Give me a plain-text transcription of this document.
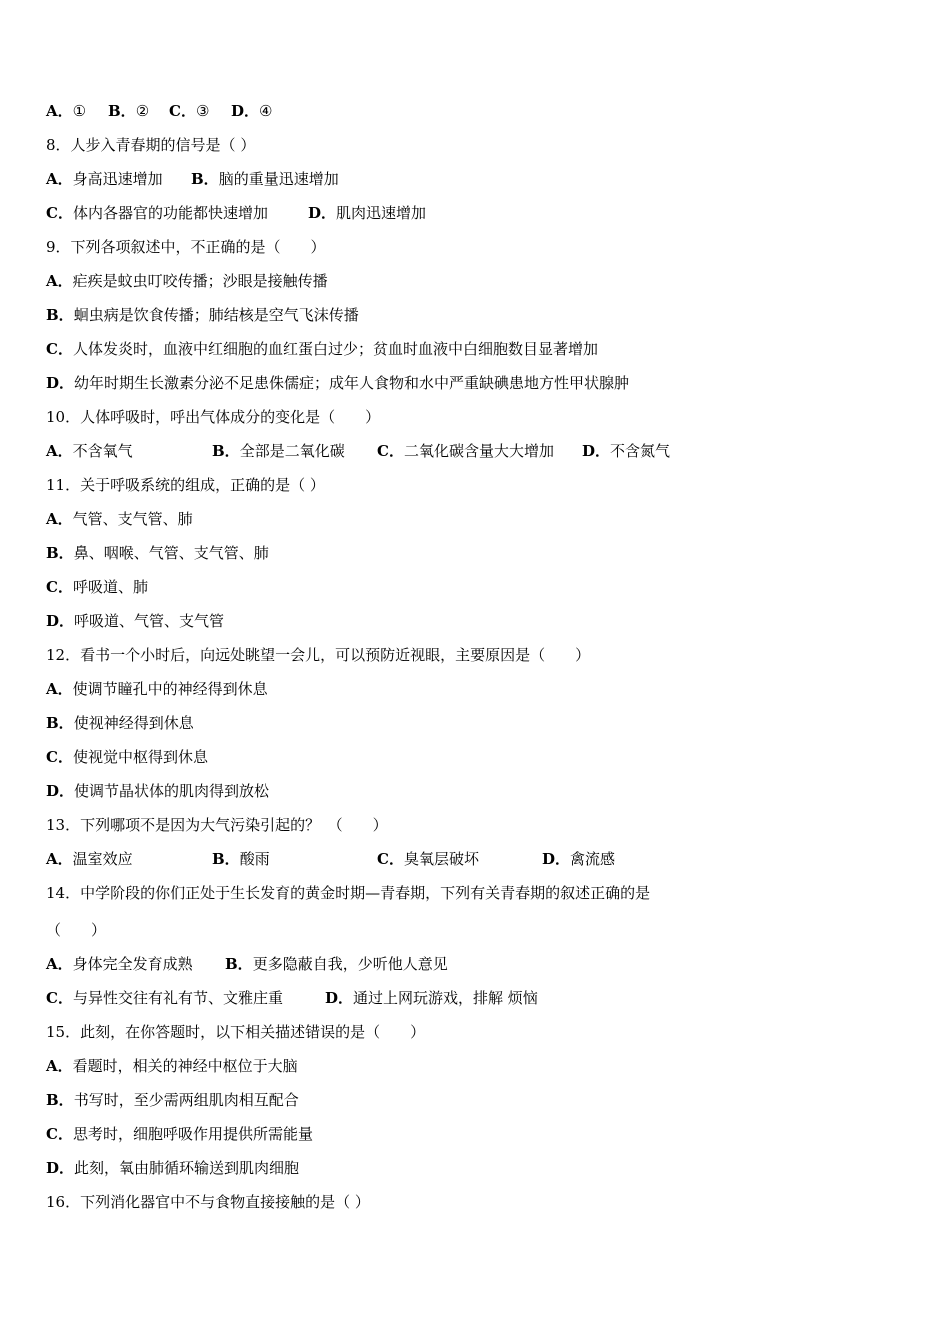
A．① B．② C．③ D．④
8．人步入青春期的信号是（ ）
A．身高迅速增加 B．脑的重量迅速增加
C．体内各器官的功能都快速增加	D．肌肉迅速增加
9．下列各项叙述中，不正确的是（　　）
A．疟疾是蚊虫叮咬传播；沙眼是接触传播
B．蛔虫病是饮食传播；肺结核是空气飞沫传播
C．人体发炎时，血液中红细胞的血红蛋白过少；贫血时血液中白细胞数目显著增加
D．幼年时期生长激素分泌不足患侏儒症；成年人食物和水中严重缺碘患地方性甲状腺肿
10．人体呼吸时，呼出气体成分的变化是（　　）
A．不含氧气	B．全部是二氧化碳 C．二氧化碳含量大大增加 D．不含氮气
11．关于呼吸系统的组成，正确的是（ ）
A．气管、支气管、肺
B．鼻、咽喉、气管、支气管、肺
C．呼吸道、肺
D．呼吸道、气管、支气管
12．看书一个小时后，向远处眺望一会儿，可以预防近视眼，主要原因是（　　）
A．使调节瞳孔中的神经得到休息
B．使视神经得到休息
C．使视觉中枢得到休息
D．使调节晶状体的肌肉得到放松
13．下列哪项不是因为大气污染引起的？　（　　）
A．温室效应	B．酸雨	C．臭氧层破坏	D．禽流感
14．中学阶段的你们正处于生长发育的黄金时期—青春期，下列有关青春期的叙述正确的是
（　　）
A．身体完全发育成熟 B．更多隐蔽自我，少听他人意见
C．与异性交往有礼有节、文雅庄重	D．通过上网玩游戏，排解 烦恼
15．此刻，在你答题时，以下相关描述错误的是（　　）
A．看题时，相关的神经中枢位于大脑
B．书写时，至少需两组肌肉相互配合
C．思考时，细胞呼吸作用提供所需能量
D．此刻，氧由肺循环输送到肌肉细胞
16．下列消化器官中不与食物直接接触的是（ ）
